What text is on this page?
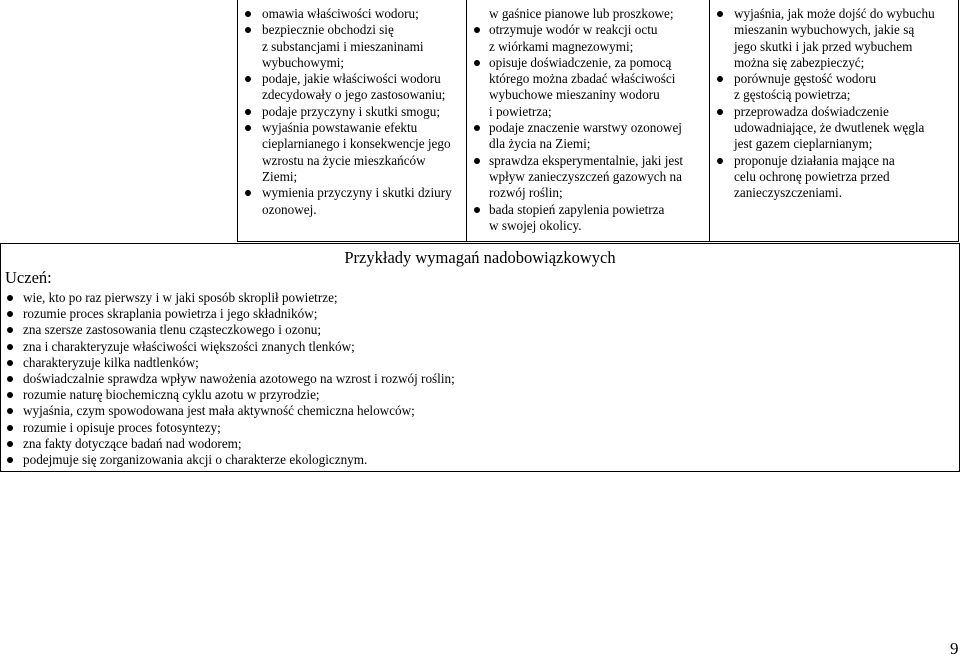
omawia właściwości wodoru;
bezpiecznie obchodzi się
z substancjami i mieszaninami
wybuchowymi;
podaje, jakie właściwości wodoru
zdecydowały o jego zastosowaniu;
podaje przyczyny i skutki smogu;
wyjaśnia powstawanie efektu
cieplarnianego i konsekwencje jego
wzrostu na życie mieszkańców Ziemi;
wymienia przyczyny i skutki dziury
ozonowej.
w gaśnice pianowe lub proszkowe;
otrzymuje wodór w reakcji octu
z wiórkami magnezowymi;
opisuje doświadczenie, za pomocą
którego można zbadać właściwości
wybuchowe mieszaniny wodoru
i powietrza;
podaje znaczenie warstwy ozonowej
dla życia na Ziemi;
sprawdza eksperymentalnie, jaki jest
wpływ zanieczyszczeń gazowych na
rozwój roślin;
bada stopień zapylenia powietrza
w swojej okolicy.
wyjaśnia, jak może dojść do wybuchu
mieszanin wybuchowych, jakie są
jego skutki i jak przed wybuchem
można się zabezpieczyć;
porównuje gęstość wodoru
z gęstością powietrza;
przeprowadza doświadczenie
udowadniające, że dwutlenek węgla
jest gazem cieplarnianym;
proponuje działania mające na
celu ochronę powietrza przed
zanieczyszczeniami.
Przykłady wymagań nadobowiązkowych
Uczeń:
wie, kto po raz pierwszy i w jaki sposób skroplił powietrze;
rozumie proces skraplania powietrza i jego składników;
zna szersze zastosowania tlenu cząsteczkowego i ozonu;
zna i charakteryzuje właściwości większości znanych tlenków;
charakteryzuje kilka nadtlenków;
doświadczalnie sprawdza wpływ nawożenia azotowego na wzrost i rozwój roślin;
rozumie naturę biochemiczną cyklu azotu w przyrodzie;
wyjaśnia, czym spowodowana jest mała aktywność chemiczna helowców;
rozumie i opisuje proces fotosyntezy;
zna fakty dotyczące badań nad wodorem;
podejmuje się zorganizowania akcji o charakterze ekologicznym.
9
